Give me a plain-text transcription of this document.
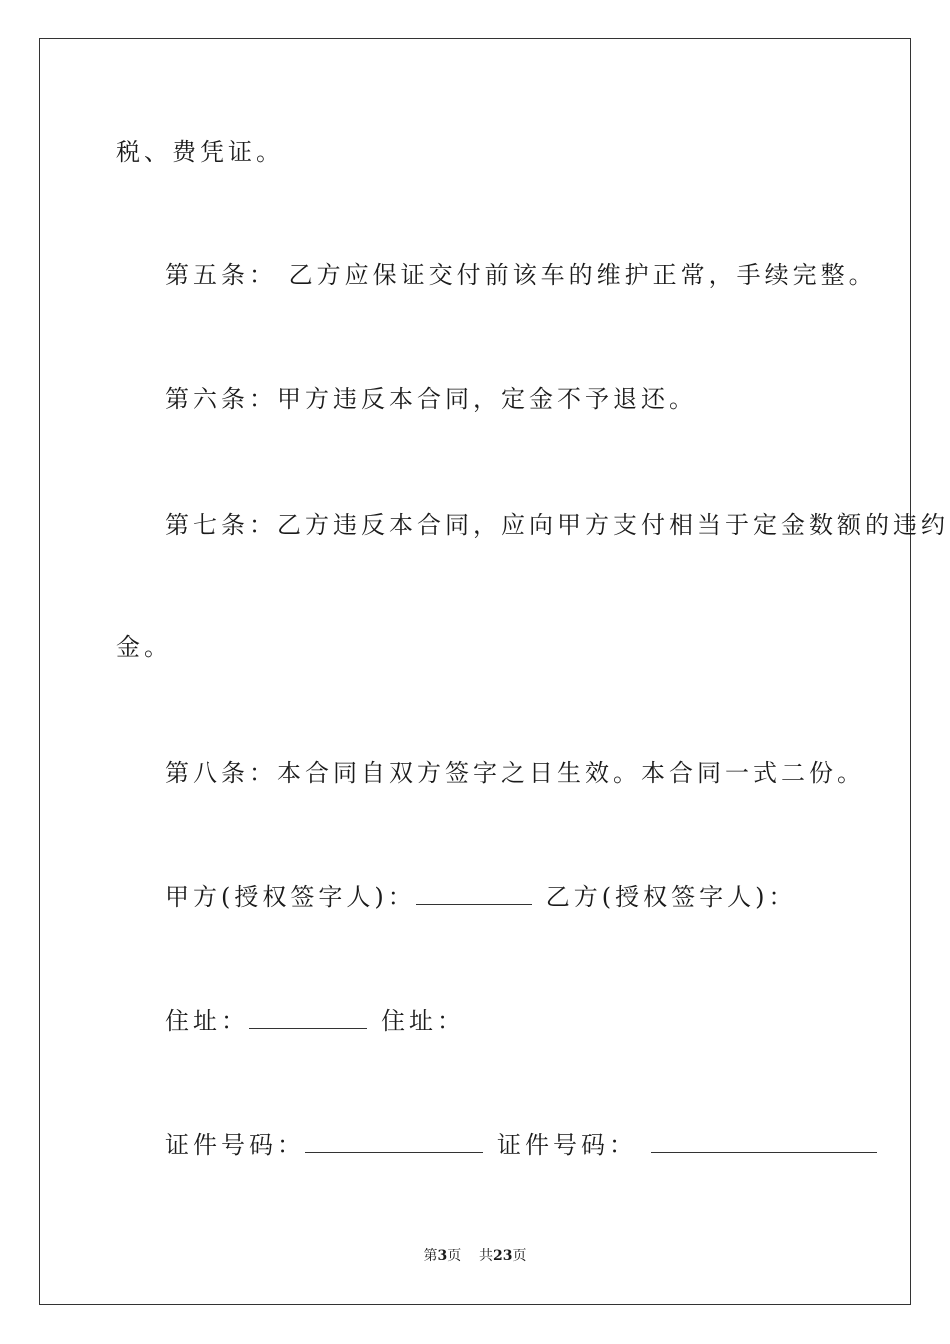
税、费凭证。
第五条： 乙方应保证交付前该车的维护正常，手续完整。
第六条：甲方违反本合同，定金不予退还。
第七条：乙方违反本合同，应向甲方支付相当于定金数额的违约
金。
第八条：本合同自双方签字之日生效。本合同一式二份。
甲方(授权签字人)：	乙方(授权签字人)：
住址：	住址：
证件号码：	证件号码：
第3页 共23页
